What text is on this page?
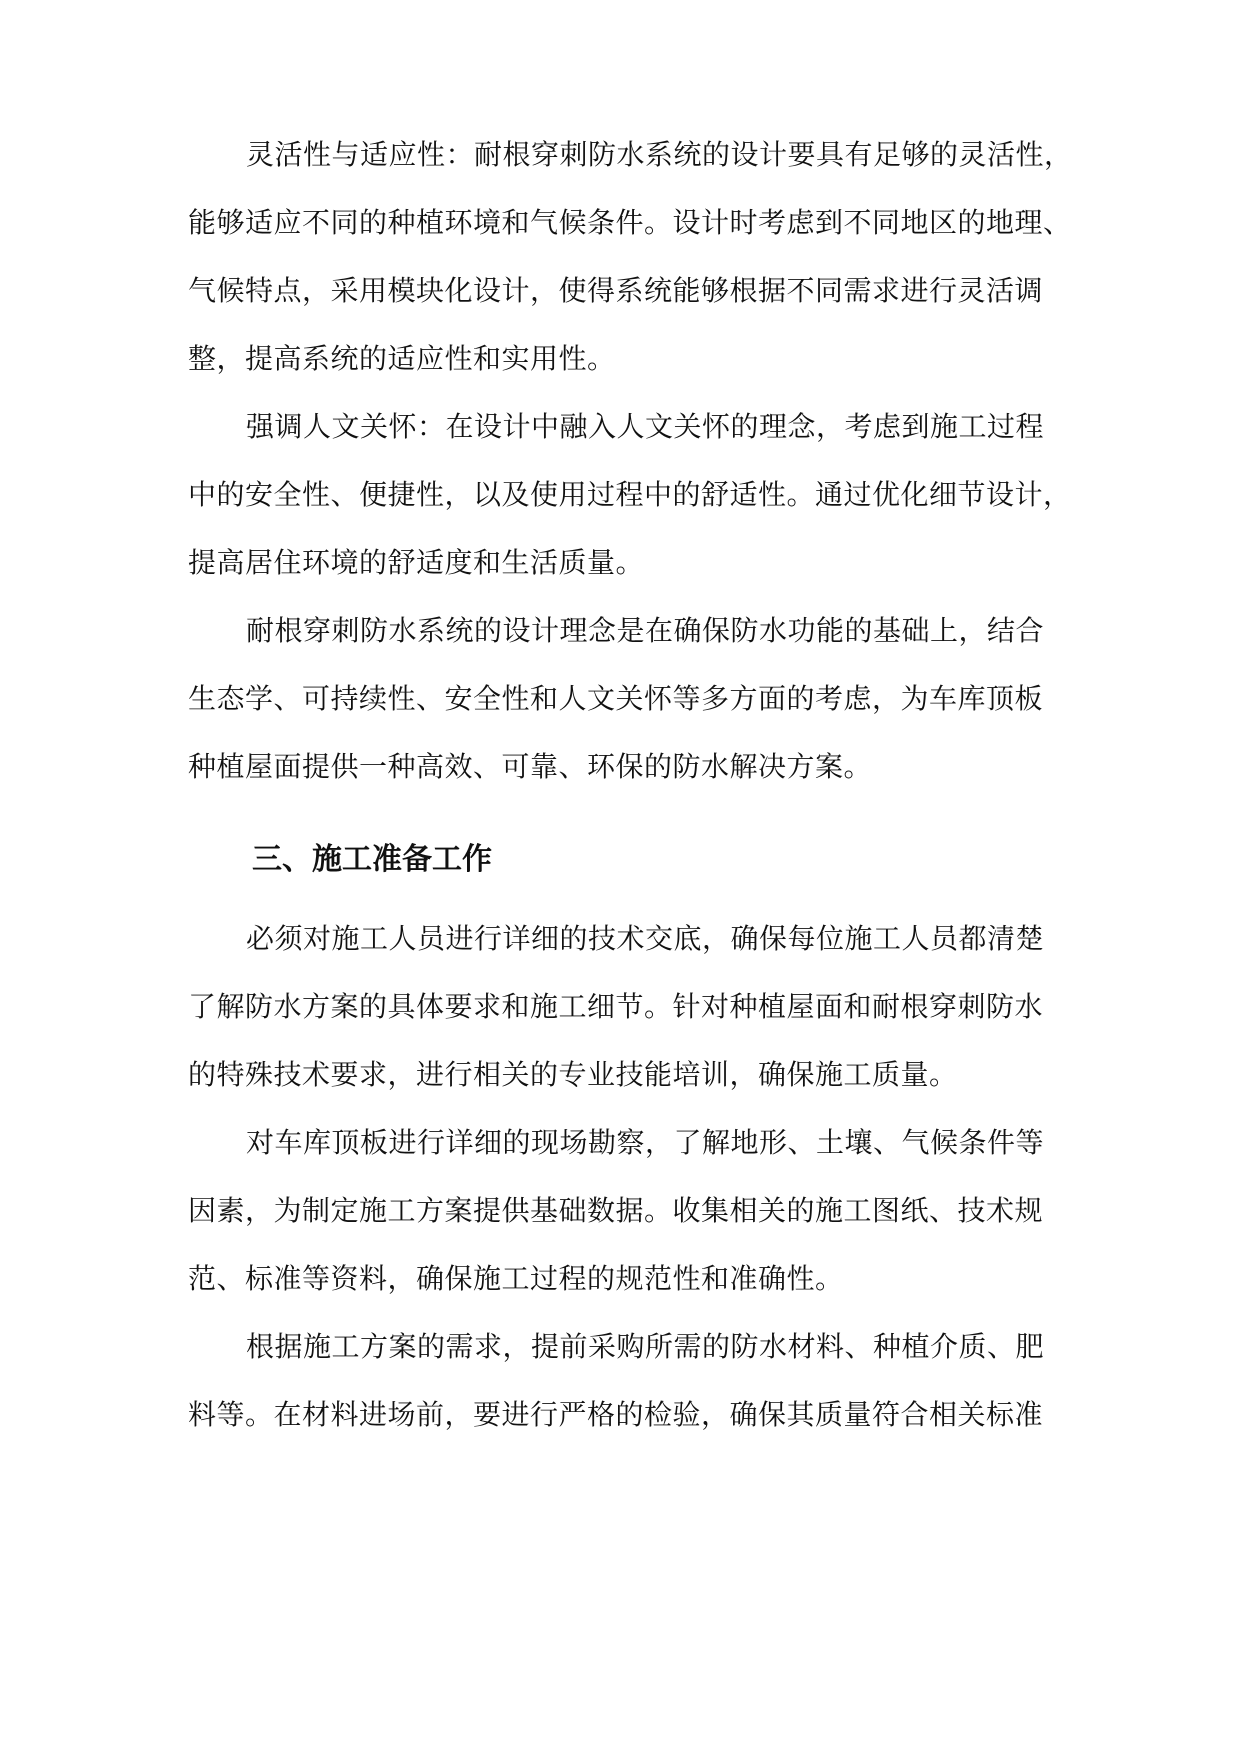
灵活性与适应性：耐根穿刺防水系统的设计要具有足够的灵活性，
能够适应不同的种植环境和气候条件。设计时考虑到不同地区的地理、
气候特点，采用模块化设计，使得系统能够根据不同需求进行灵活调
整，提高系统的适应性和实用性。
强调人文关怀：在设计中融入人文关怀的理念，考虑到施工过程
中的安全性、便捷性，以及使用过程中的舒适性。通过优化细节设计，
提高居住环境的舒适度和生活质量。
耐根穿刺防水系统的设计理念是在确保防水功能的基础上，结合
生态学、可持续性、安全性和人文关怀等多方面的考虑，为车库顶板
种植屋面提供一种高效、可靠、环保的防水解决方案。
三、施工准备工作
必须对施工人员进行详细的技术交底，确保每位施工人员都清楚
了解防水方案的具体要求和施工细节。针对种植屋面和耐根穿刺防水
的特殊技术要求，进行相关的专业技能培训，确保施工质量。
对车库顶板进行详细的现场勘察，了解地形、土壤、气候条件等
因素，为制定施工方案提供基础数据。收集相关的施工图纸、技术规
范、标准等资料，确保施工过程的规范性和准确性。
根据施工方案的需求，提前采购所需的防水材料、种植介质、肥
料等。在材料进场前，要进行严格的检验，确保其质量符合相关标准
